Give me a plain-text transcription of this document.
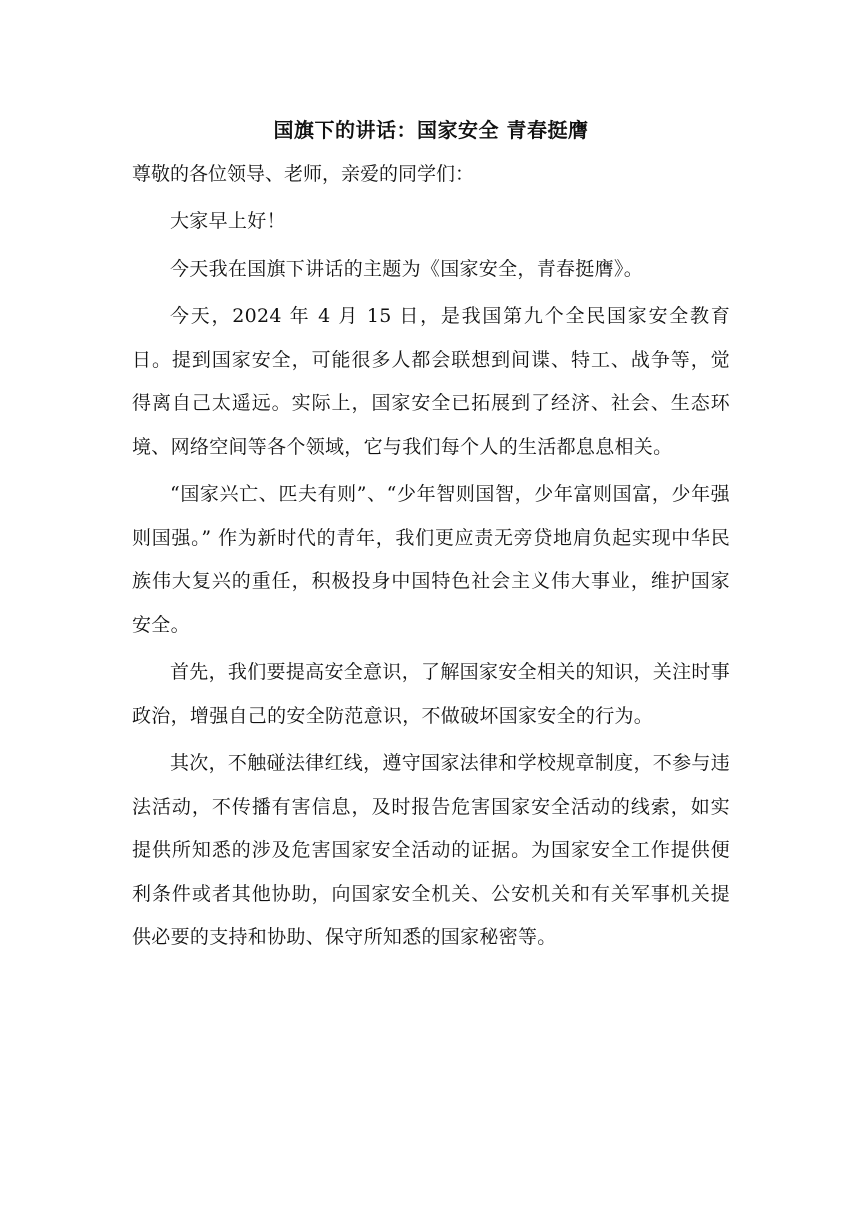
国旗下的讲话：国家安全 青春挺膺

尊敬的各位领导、老师，亲爱的同学们：

大家早上好！

今天我在国旗下讲话的主题为《国家安全，青春挺膺》。

今天，2024 年 4 月 15 日，是我国第九个全民国家安全教育日。提到国家安全，可能很多人都会联想到间谍、特工、战争等，觉得离自己太遥远。实际上，国家安全已拓展到了经济、社会、生态环境、网络空间等各个领域，它与我们每个人的生活都息息相关。

“国家兴亡、匹夫有则”、“少年智则国智，少年富则国富，少年强则国强。” 作为新时代的青年，我们更应责无旁贷地肩负起实现中华民族伟大复兴的重任，积极投身中国特色社会主义伟大事业，维护国家安全。

首先，我们要提高安全意识，了解国家安全相关的知识，关注时事政治，增强自己的安全防范意识，不做破坏国家安全的行为。

其次，不触碰法律红线，遵守国家法律和学校规章制度，不参与违法活动，不传播有害信息，及时报告危害国家安全活动的线索，如实提供所知悉的涉及危害国家安全活动的证据。为国家安全工作提供便利条件或者其他协助，向国家安全机关、公安机关和有关军事机关提供必要的支持和协助、保守所知悉的国家秘密等。
